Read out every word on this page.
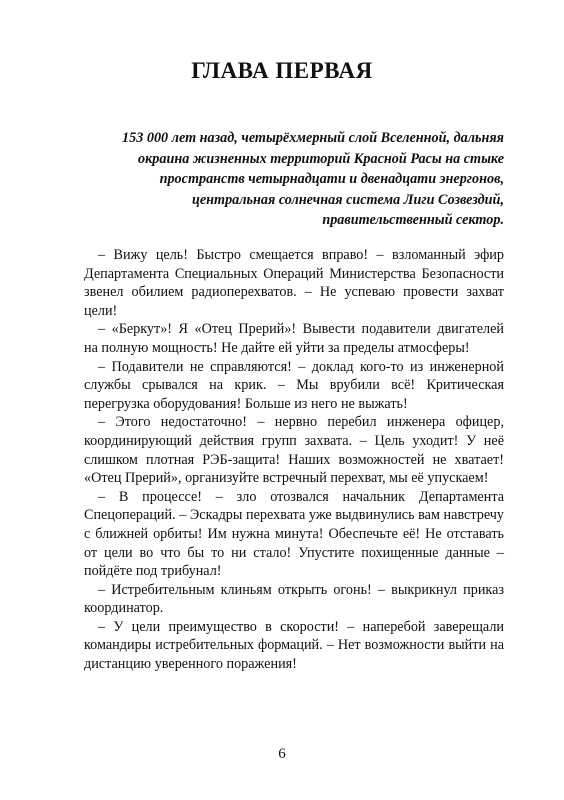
ГЛАВА ПЕРВАЯ
153 000 лет назад, четырёхмерный слой Вселенной, дальняя
окраина жизненных территорий Красной Расы на стыке
пространств четырнадцати и двенадцати энергонов,
центральная солнечная система Лиги Созвездий,
правительственный сектор.

– Вижу цель! Быстро смещается вправо! – взломанный эфир
Департамента Специальных Операций Министерства Безопасности
звенел обилием радиоперехватов. – Не успеваю провести захват
цели!

– «Беркут»! Я «Отец Прерий»! Вывести подавители двигателей
на полную мощность! Не дайте ей уйти за пределы атмосферы!

– Подавители не справляются! – доклад кого-то из инженерной
службы срывался на крик. – Мы врубили всё! Критическая
перегрузка оборудования! Больше из него не выжать!

– Этого недостаточно! – нервно перебил инженера офицер,
координирующий действия групп захвата. – Цель уходит! У неё
слишком плотная РЭБ-защита! Наших возможностей не хватает!
«Отец Прерий», организуйте встречный перехват, мы её упускаем!

– В процессе! – зло отозвался начальник Департамента
Спецопераций. – Эскадры перехвата уже выдвинулись вам навстречу
с ближней орбиты! Им нужна минута! Обеспечьте её! Не отставать
от цели во что бы то ни стало! Упустите похищенные данные –
пойдёте под трибунал!

– Истребительным клиньям открыть огонь! – выкрикнул приказ
координатор.

– У цели преимущество в скорости! – наперебой заверещали
командиры истребительных формаций. – Нет возможности выйти на
дистанцию уверенного поражения!

6
